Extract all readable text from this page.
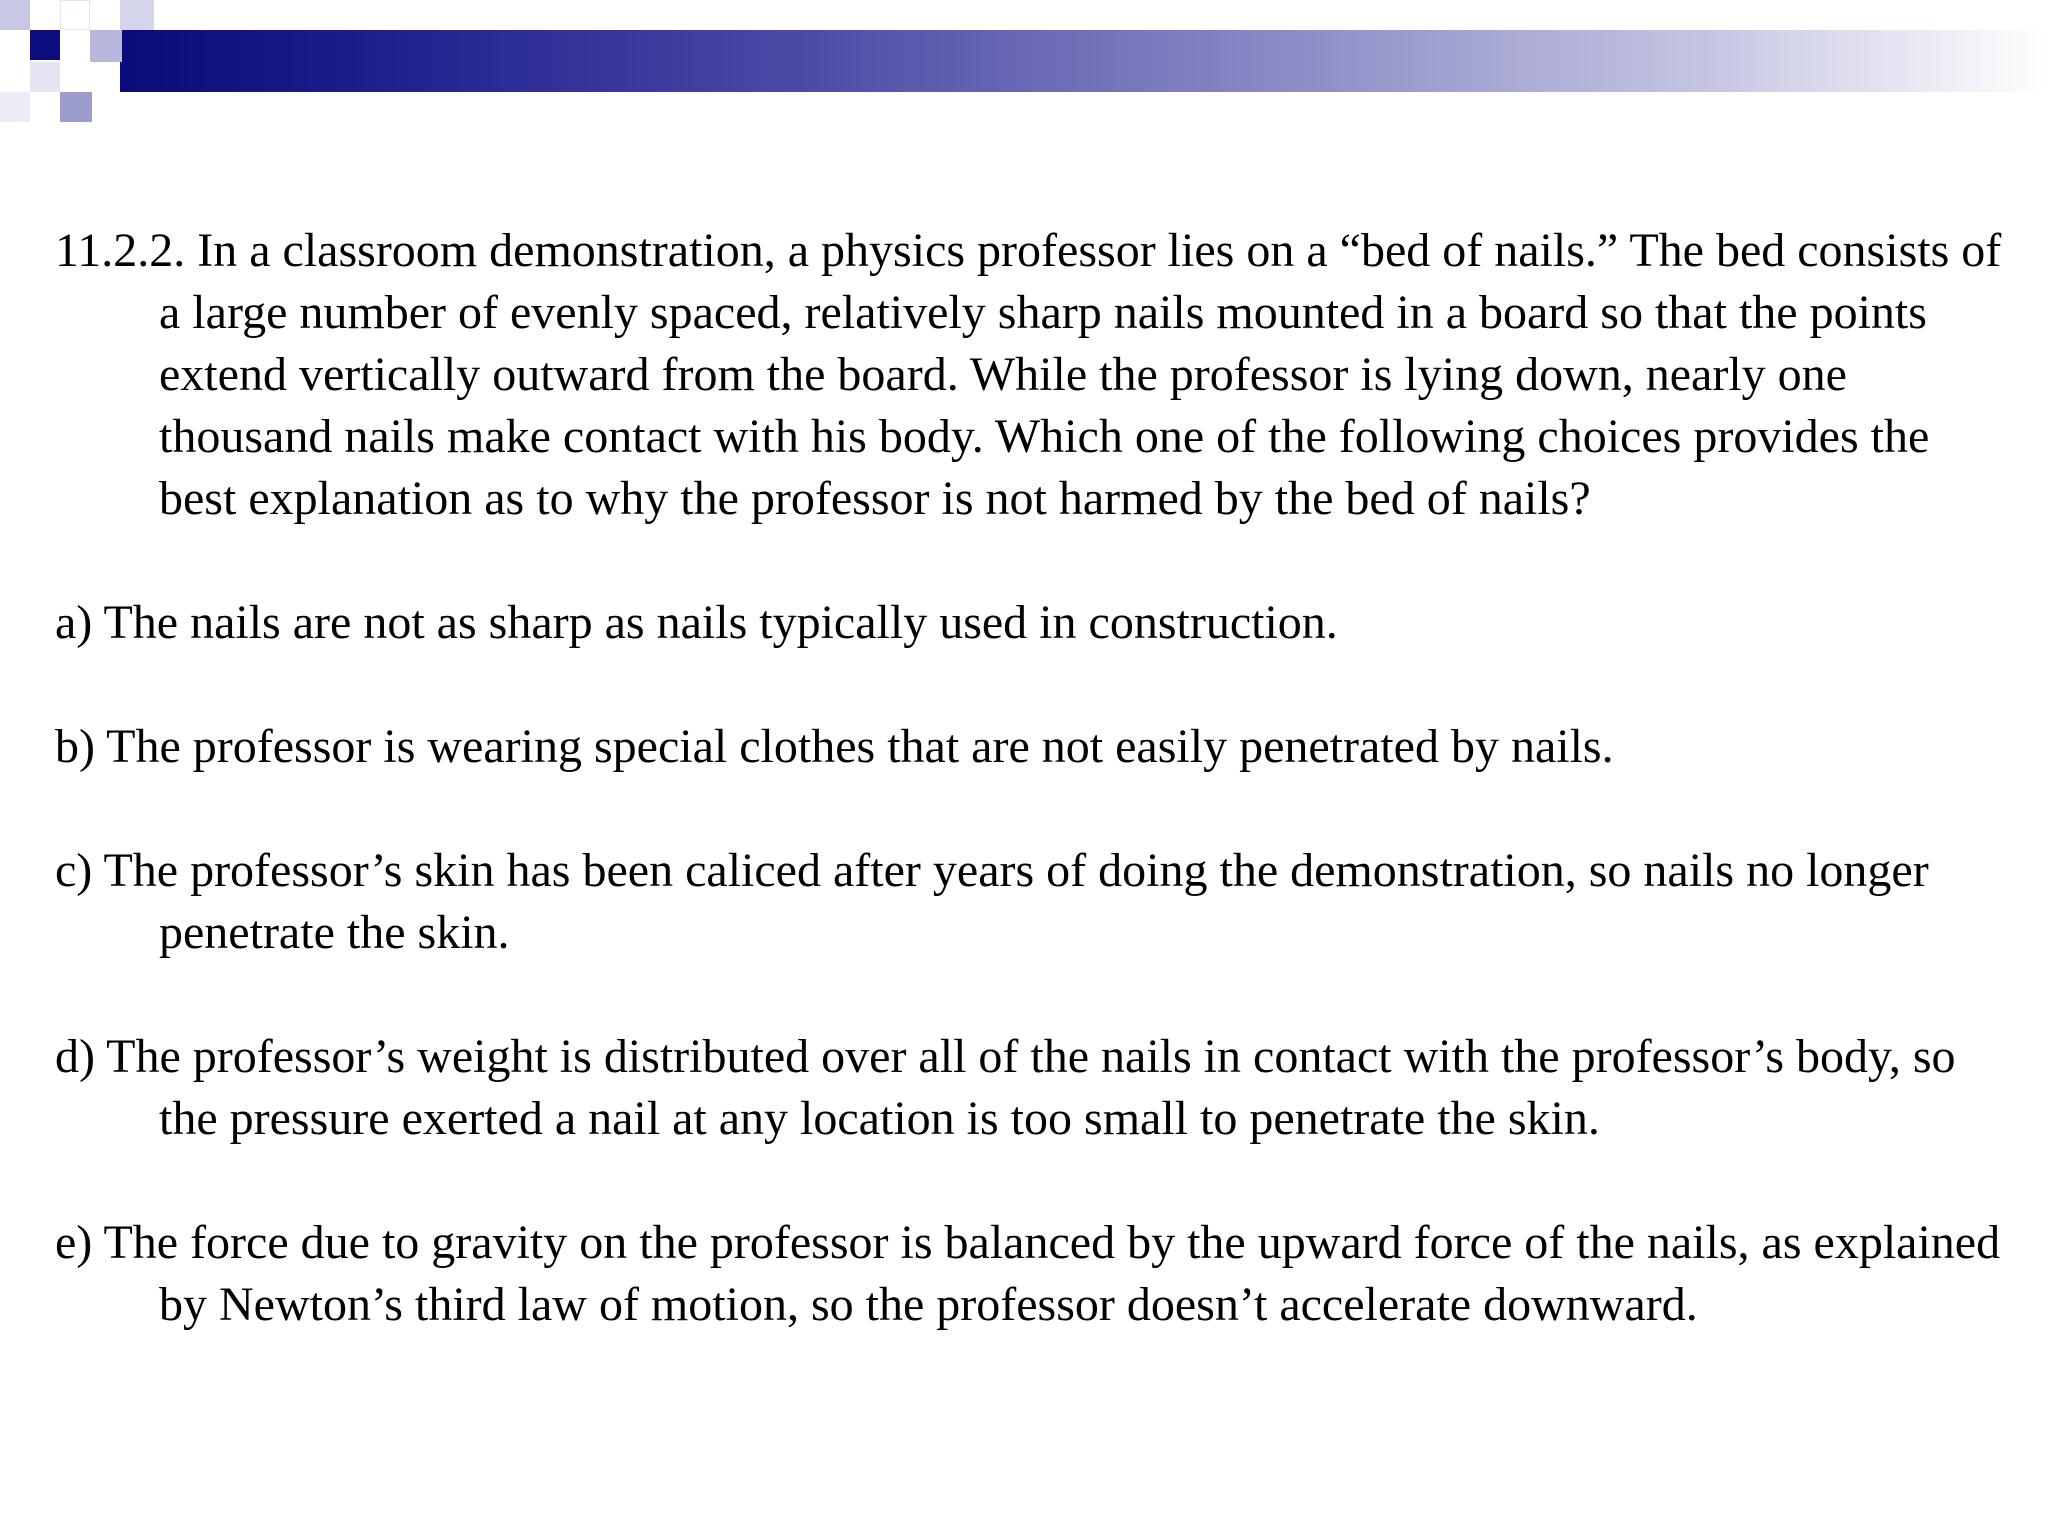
11.2.2. In a classroom demonstration, a physics professor lies on a “bed of nails.” The bed consists of a large number of evenly spaced, relatively sharp nails mounted in a board so that the points extend vertically outward from the board. While the professor is lying down, nearly one thousand nails make contact with his body. Which one of the following choices provides the best explanation as to why the professor is not harmed by the bed of nails?

a) The nails are not as sharp as nails typically used in construction.

b) The professor is wearing special clothes that are not easily penetrated by nails.

c) The professor’s skin has been caliced after years of doing the demonstration, so nails no longer penetrate the skin.

d) The professor’s weight is distributed over all of the nails in contact with the professor’s body, so the pressure exerted a nail at any location is too small to penetrate the skin.

e) The force due to gravity on the professor is balanced by the upward force of the nails, as explained by Newton’s third law of motion, so the professor doesn’t accelerate downward.
